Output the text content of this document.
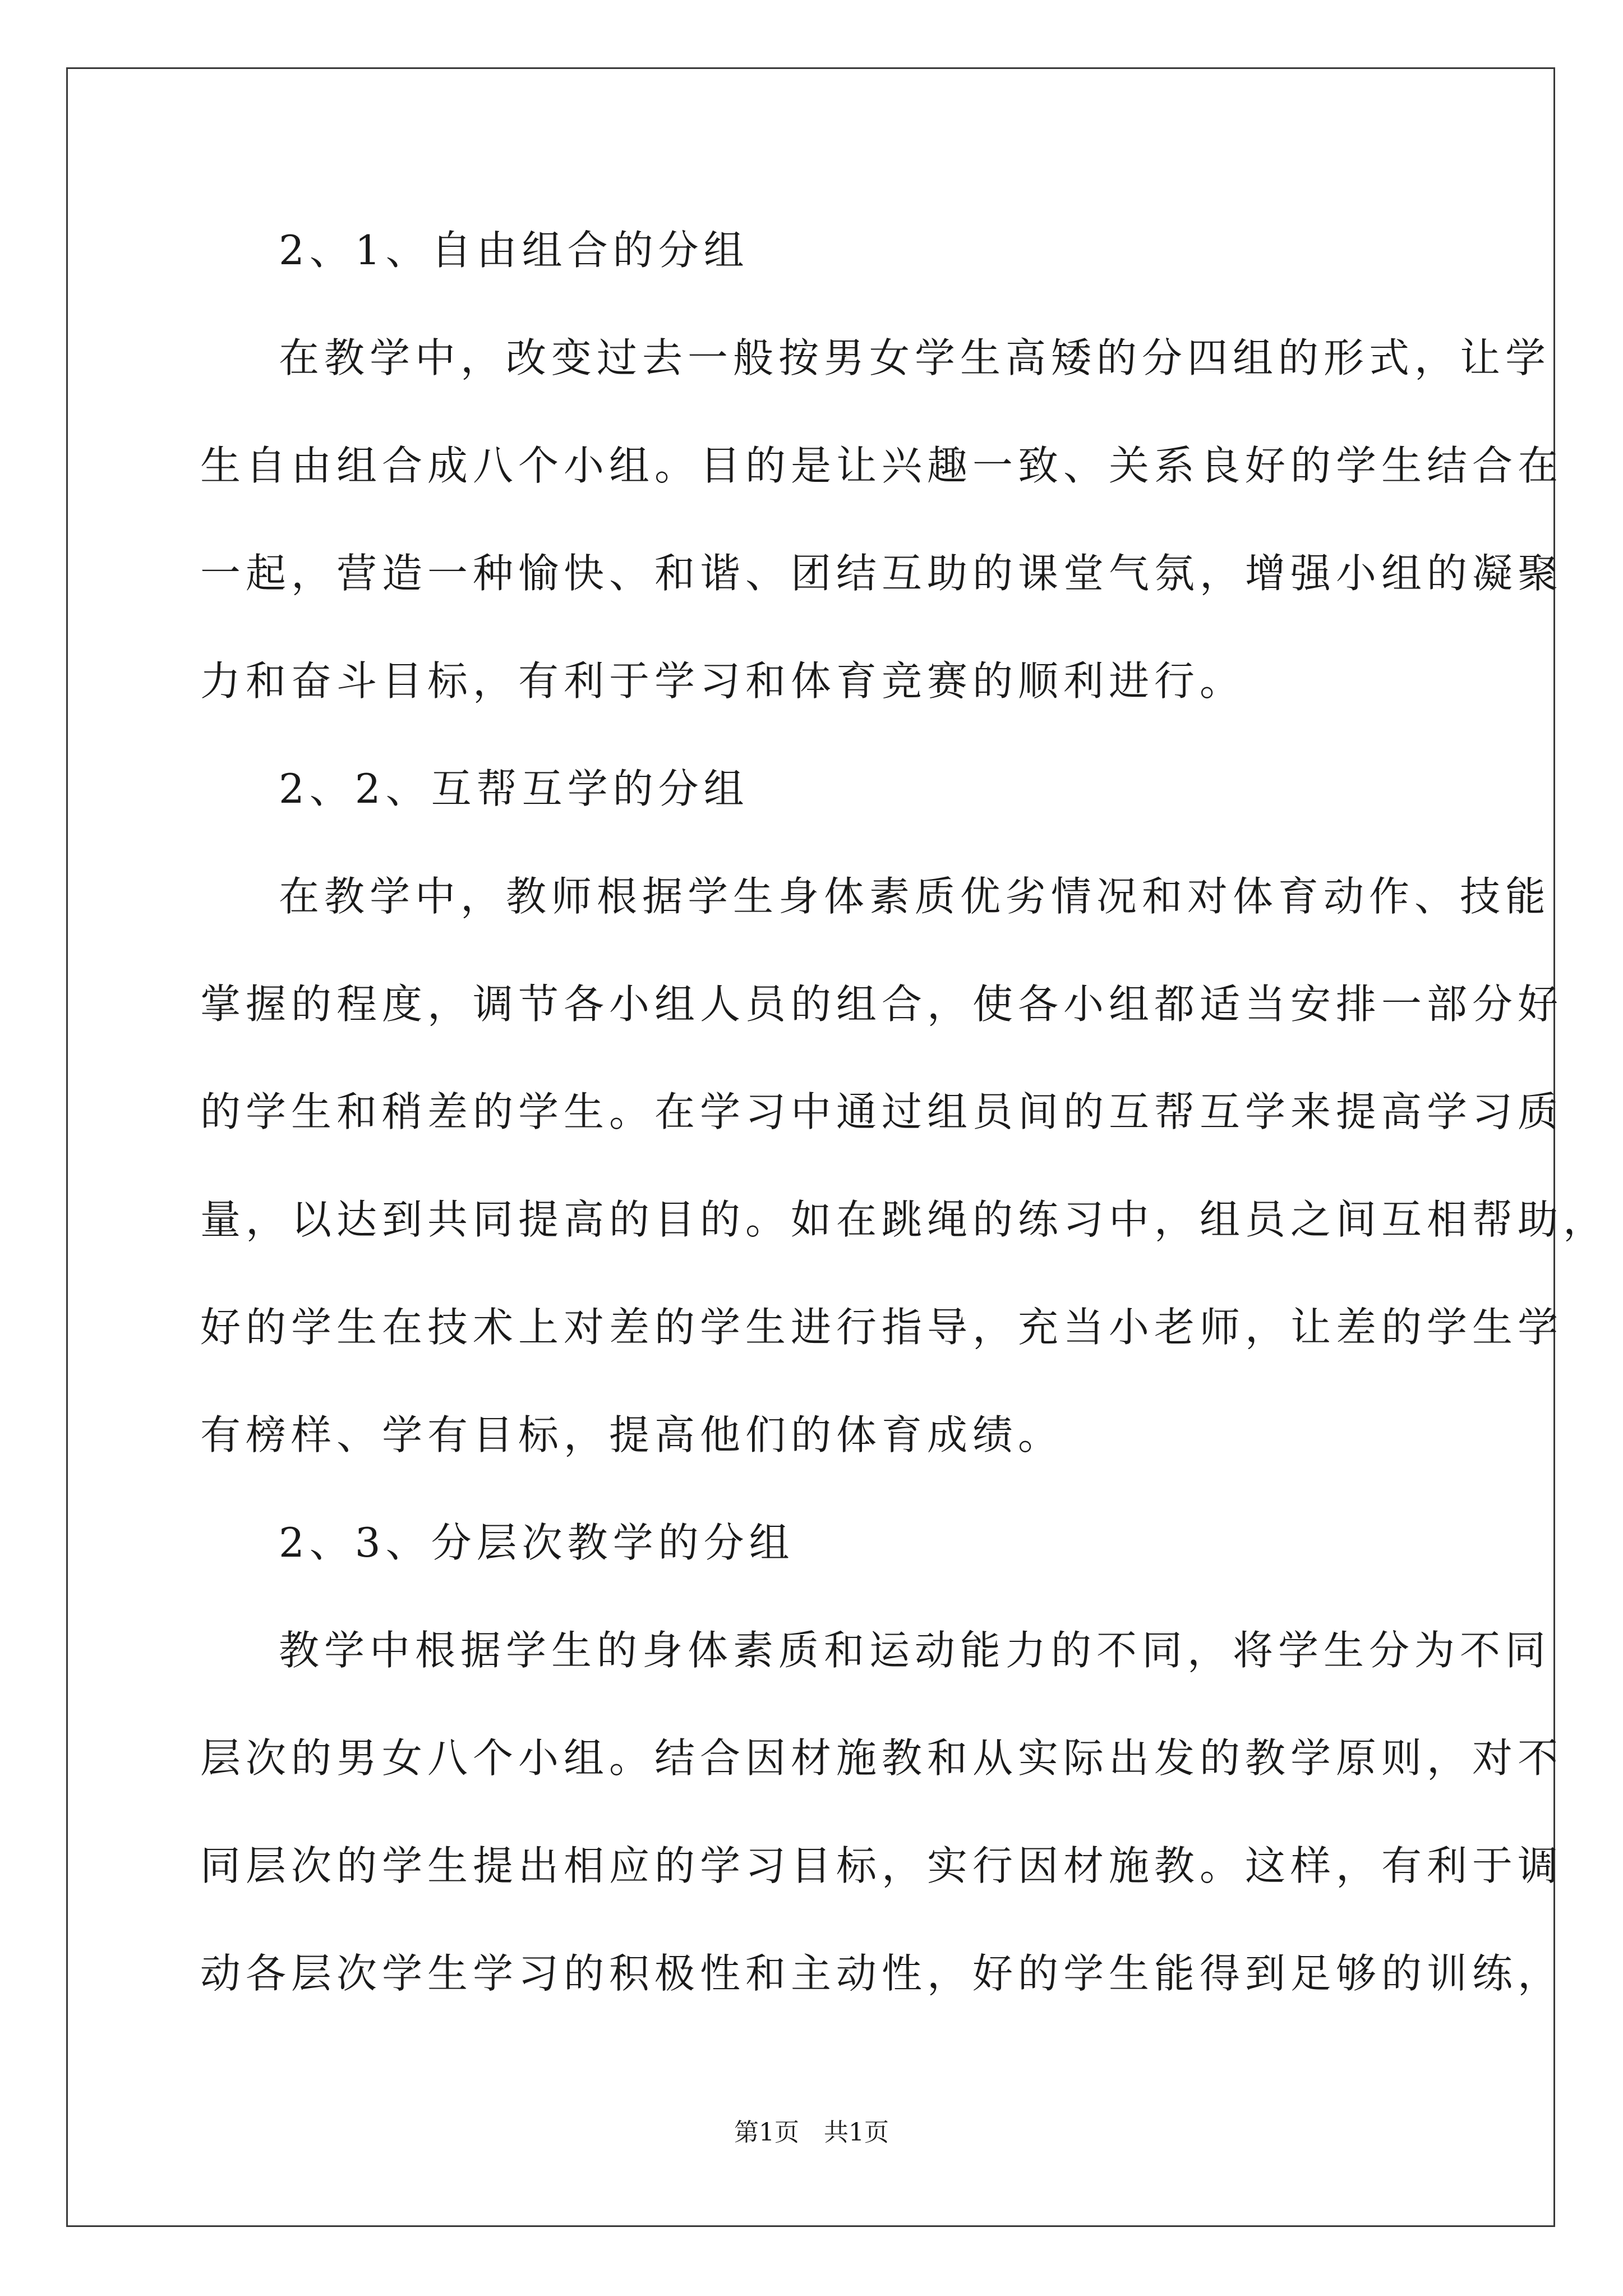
2、1、自由组合的分组
在教学中，改变过去一般按男女学生高矮的分四组的形式，让学
生自由组合成八个小组。目的是让兴趣一致、关系良好的学生结合在
一起，营造一种愉快、和谐、团结互助的课堂气氛，增强小组的凝聚
力和奋斗目标，有利于学习和体育竞赛的顺利进行。
2、2、互帮互学的分组
在教学中，教师根据学生身体素质优劣情况和对体育动作、技能
掌握的程度，调节各小组人员的组合，使各小组都适当安排一部分好
的学生和稍差的学生。在学习中通过组员间的互帮互学来提高学习质
量，以达到共同提高的目的。如在跳绳的练习中，组员之间互相帮助，
好的学生在技术上对差的学生进行指导，充当小老师，让差的学生学
有榜样、学有目标，提高他们的体育成绩。
2、3、分层次教学的分组
教学中根据学生的身体素质和运动能力的不同，将学生分为不同
层次的男女八个小组。结合因材施教和从实际出发的教学原则，对不
同层次的学生提出相应的学习目标，实行因材施教。这样，有利于调
动各层次学生学习的积极性和主动性，好的学生能得到足够的训练，
第1页　共1页
